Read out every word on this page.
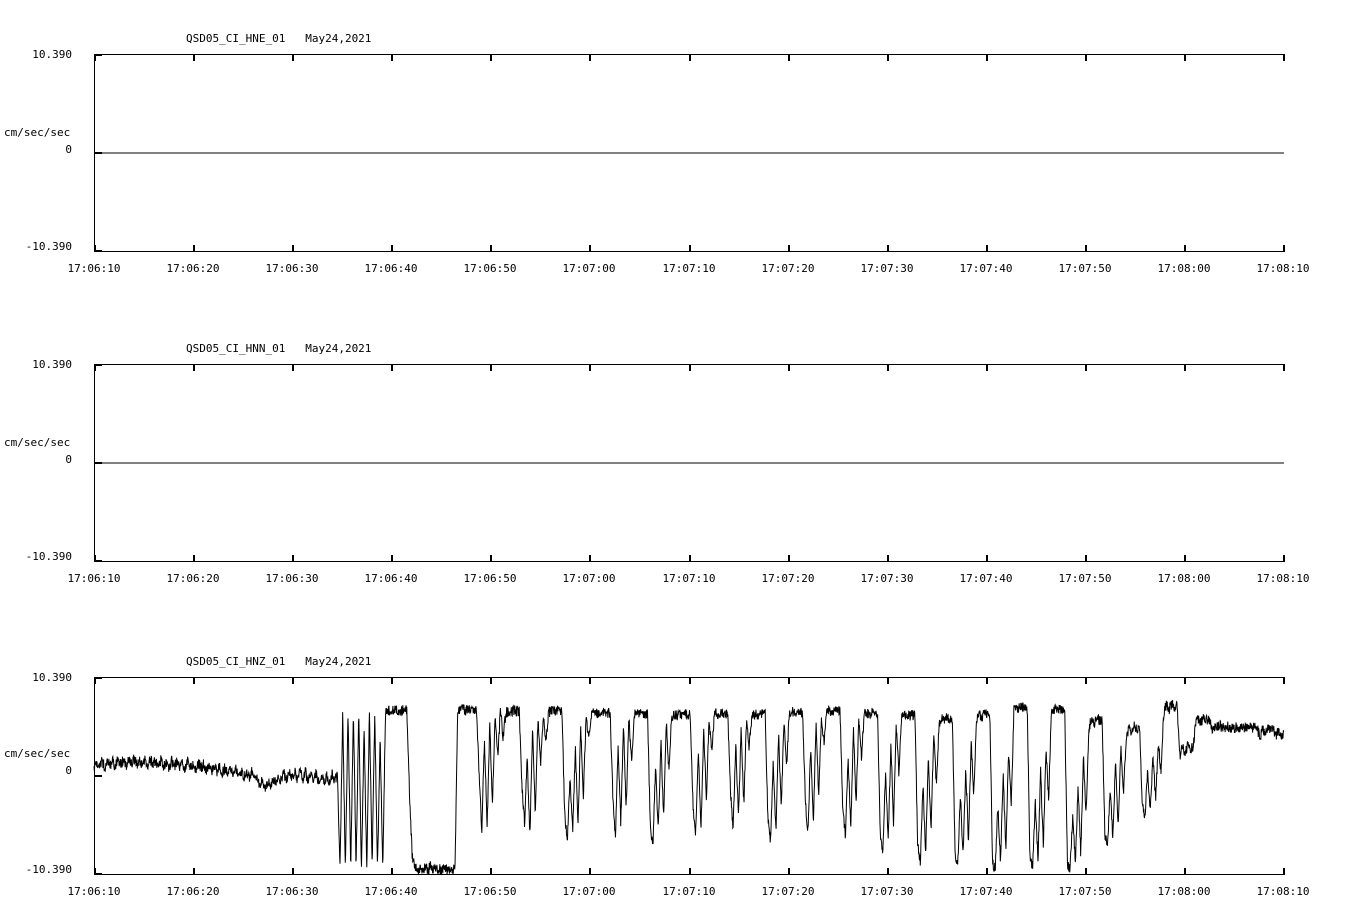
QSD05_CI_HNE_01   May24,2021
10.390
cm/sec/sec
0
-10.390
17:06:10	17:06:20	17:06:30	17:06:40	17:06:50	17:07:00	17:07:10	17:07:20	17:07:30	17:07:40	17:07:50	17:08:00	17:08:10
QSD05_CI_HNN_01   May24,2021
10.390
cm/sec/sec
0
-10.390
17:06:10	17:06:20	17:06:30	17:06:40	17:06:50	17:07:00	17:07:10	17:07:20	17:07:30	17:07:40	17:07:50	17:08:00	17:08:10
QSD05_CI_HNZ_01   May24,2021
10.390
cm/sec/sec
0
-10.390
17:06:10	17:06:20	17:06:30	17:06:40	17:06:50	17:07:00	17:07:10	17:07:20	17:07:30	17:07:40	17:07:50	17:08:00	17:08:10
